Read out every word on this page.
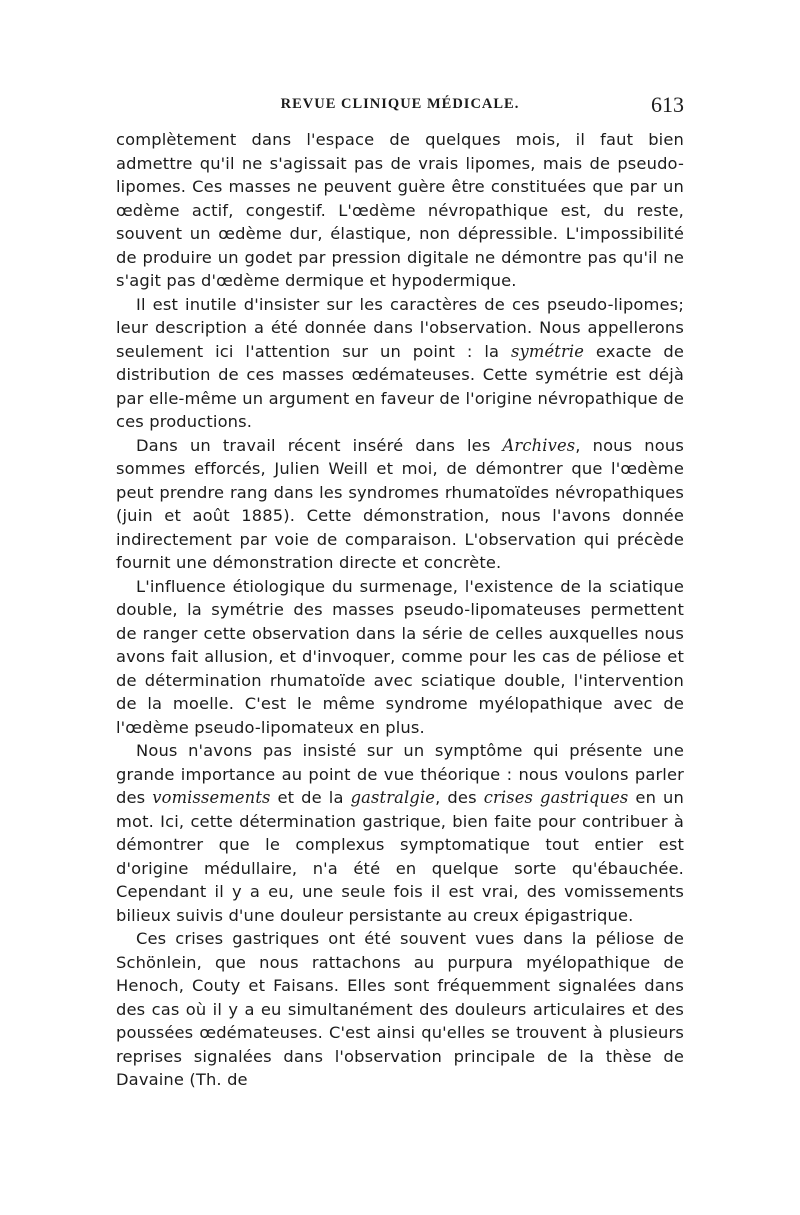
REVUE CLINIQUE MÉDICALE.	613

complètement dans l'espace de quelques mois, il faut bien admettre qu'il ne s'agissait pas de vrais lipomes, mais de pseudo-lipomes. Ces masses ne peuvent guère être constituées que par un œdème actif, congestif. L'œdème névropathique est, du reste, souvent un œdème dur, élastique, non dépressible. L'impossibilité de produire un godet par pression digitale ne démontre pas qu'il ne s'agit pas d'œdème dermique et hypodermique.

Il est inutile d'insister sur les caractères de ces pseudo-lipomes; leur description a été donnée dans l'observation. Nous appellerons seulement ici l'attention sur un point : la symétrie exacte de distribution de ces masses œdémateuses. Cette symétrie est déjà par elle-même un argument en faveur de l'origine névropathique de ces productions.

Dans un travail récent inséré dans les Archives, nous nous sommes efforcés, Julien Weill et moi, de démontrer que l'œdème peut prendre rang dans les syndromes rhumatoïdes névropathiques (juin et août 1885). Cette démonstration, nous l'avons donnée indirectement par voie de comparaison. L'observation qui précède fournit une démonstration directe et concrète.

L'influence étiologique du surmenage, l'existence de la sciatique double, la symétrie des masses pseudo-lipomateuses permettent de ranger cette observation dans la série de celles auxquelles nous avons fait allusion, et d'invoquer, comme pour les cas de péliose et de détermination rhumatoïde avec sciatique double, l'intervention de la moelle. C'est le même syndrome myélopathique avec de l'œdème pseudo-lipomateux en plus.

Nous n'avons pas insisté sur un symptôme qui présente une grande importance au point de vue théorique : nous voulons parler des vomissements et de la gastralgie, des crises gastriques en un mot. Ici, cette détermination gastrique, bien faite pour contribuer à démontrer que le complexus symptomatique tout entier est d'origine médullaire, n'a été en quelque sorte qu'ébauchée. Cependant il y a eu, une seule fois il est vrai, des vomissements bilieux suivis d'une douleur persistante au creux épigastrique.

Ces crises gastriques ont été souvent vues dans la péliose de Schönlein, que nous rattachons au purpura myélopathique de Henoch, Couty et Faisans. Elles sont fréquemment signalées dans des cas où il y a eu simultanément des douleurs articulaires et des poussées œdémateuses. C'est ainsi qu'elles se trouvent à plusieurs reprises signalées dans l'observation principale de la thèse de Davaine (Th. de
